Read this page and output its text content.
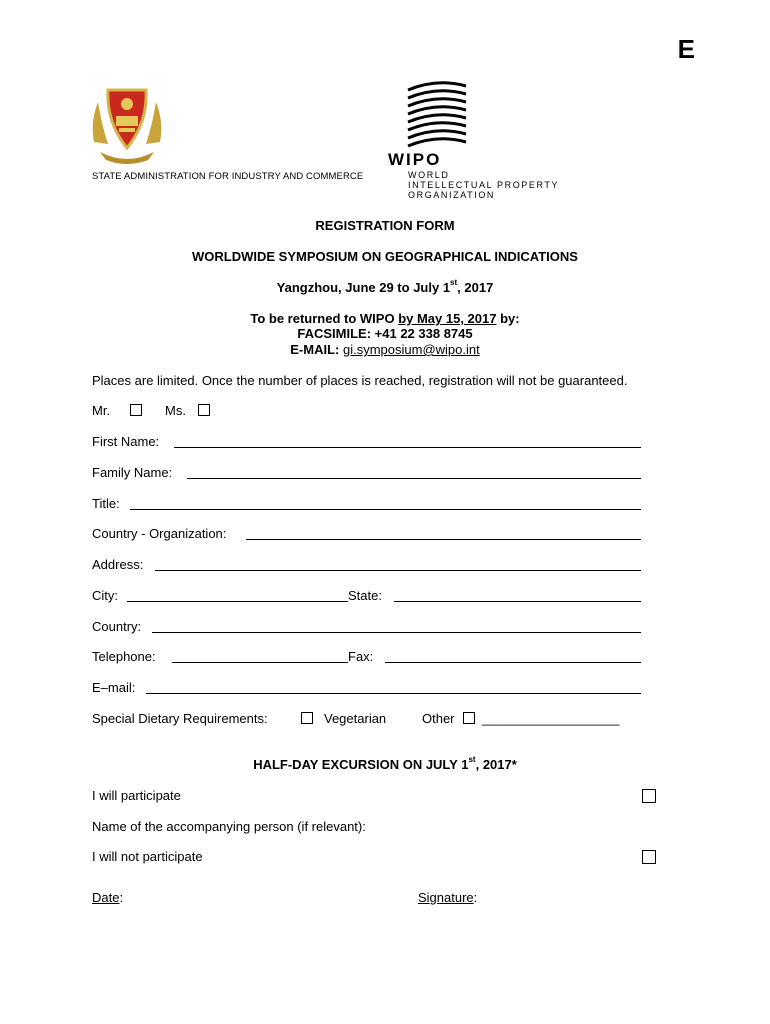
E
STATE ADMINISTRATION FOR INDUSTRY AND COMMERCE
WIPO
WORLD
INTELLECTUAL PROPERTY
ORGANIZATION
REGISTRATION FORM
WORLDWIDE SYMPOSIUM ON GEOGRAPHICAL INDICATIONS
Yangzhou, June 29 to July 1st, 2017
To be returned to WIPO by May 15, 2017 by:
FACSIMILE: +41 22 338 8745
E-MAIL: gi.symposium@wipo.int
Places are limited. Once the number of places is reached, registration will not be guaranteed.
Mr.	Ms.
First Name:
Family Name:
Title:
Country - Organization:
Address:
City:	State:
Country:
Telephone:	Fax:
E–mail:
Special Dietary Requirements:	Vegetarian	Other ___________________
HALF-DAY EXCURSION ON JULY 1st, 2017*
I will participate
Name of the accompanying person (if relevant):
I will not participate
Date:	Signature:
